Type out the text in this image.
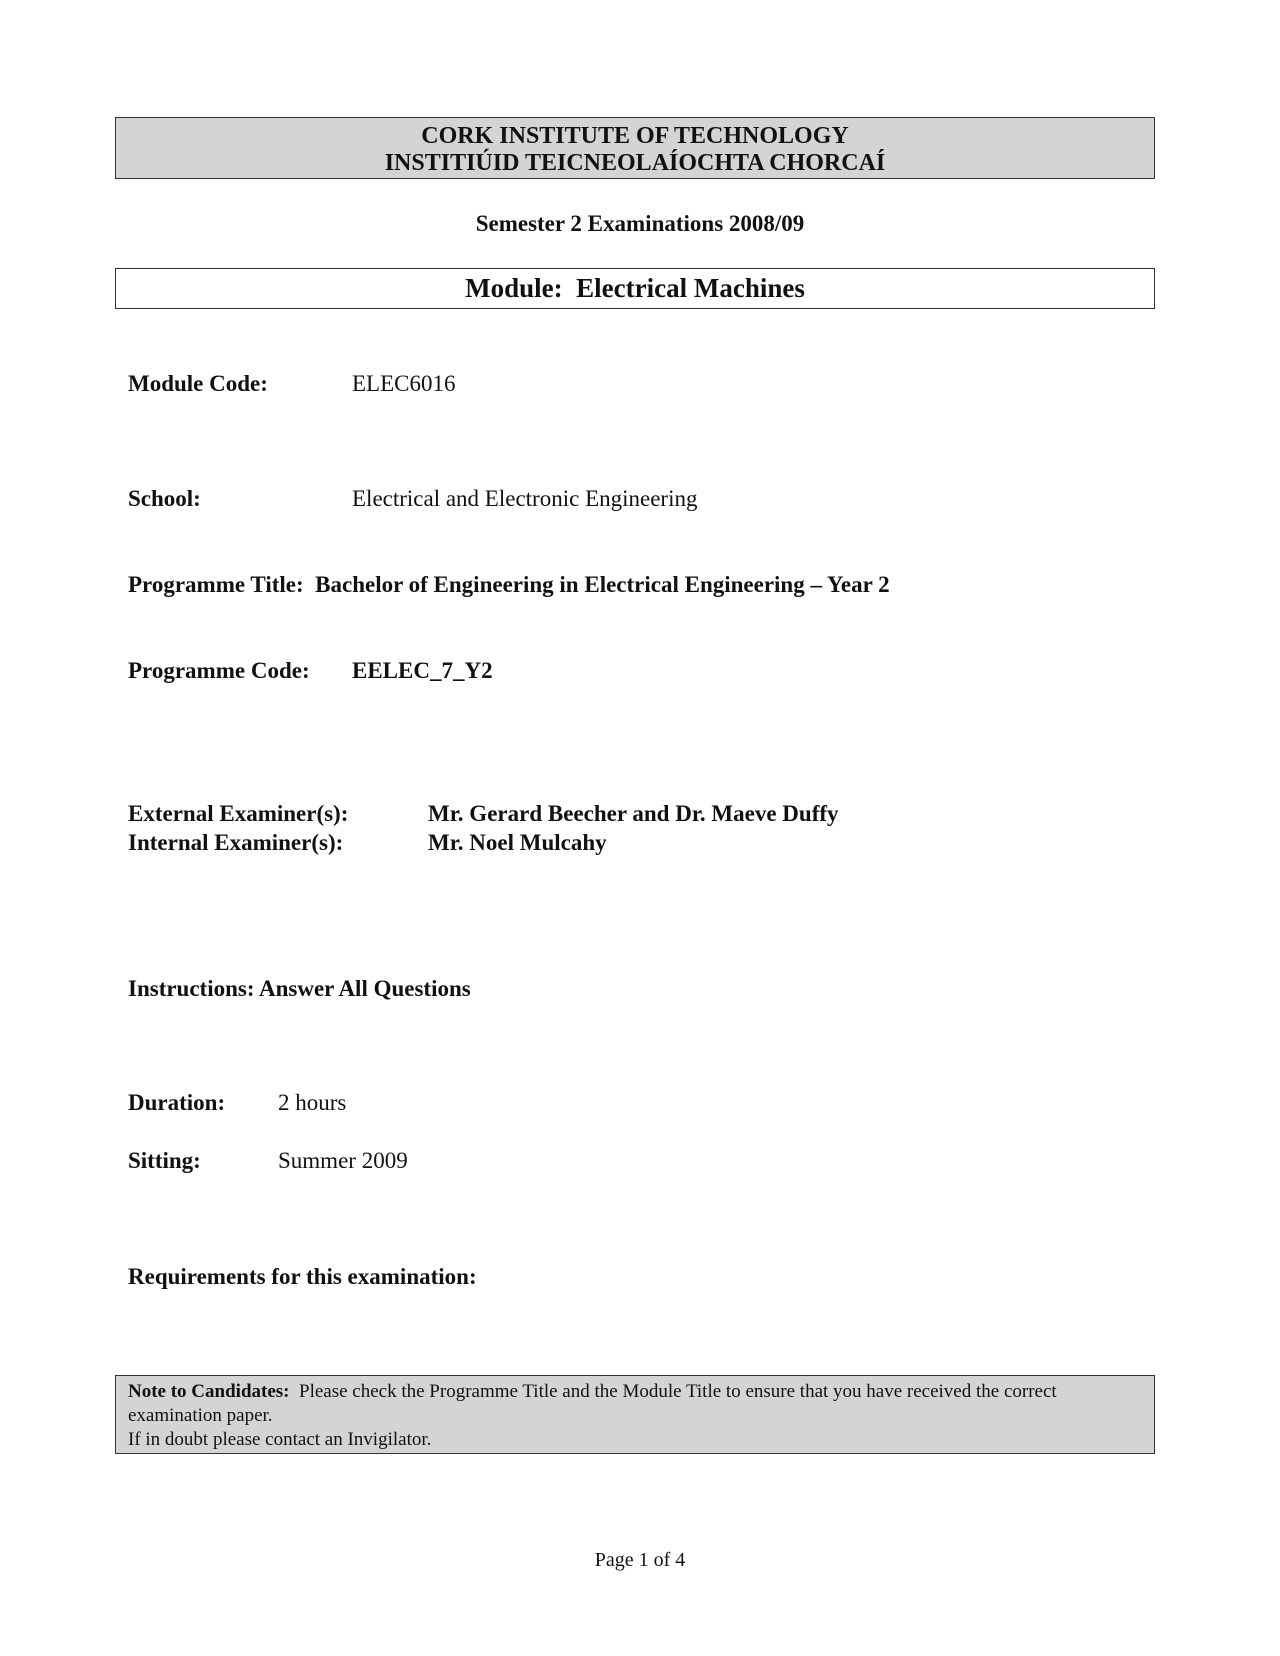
CORK INSTITUTE OF TECHNOLOGY
INSTITIÚID TEICNEOLAÍOCHTA CHORCAÍ
Semester 2 Examinations 2008/09
Module: Electrical Machines
Module Code:	ELEC6016
School:	Electrical and Electronic Engineering
Programme Title: Bachelor of Engineering in Electrical Engineering – Year 2
Programme Code: EELEC_7_Y2
External Examiner(s):	Mr. Gerard Beecher and Dr. Maeve Duffy
Internal Examiner(s):	Mr. Noel Mulcahy
Instructions: Answer All Questions
Duration: 2 hours
Sitting:	Summer 2009
Requirements for this examination:
Note to Candidates: Please check the Programme Title and the Module Title to ensure that you have received the correct examination paper.
If in doubt please contact an Invigilator.
Page 1 of 4
